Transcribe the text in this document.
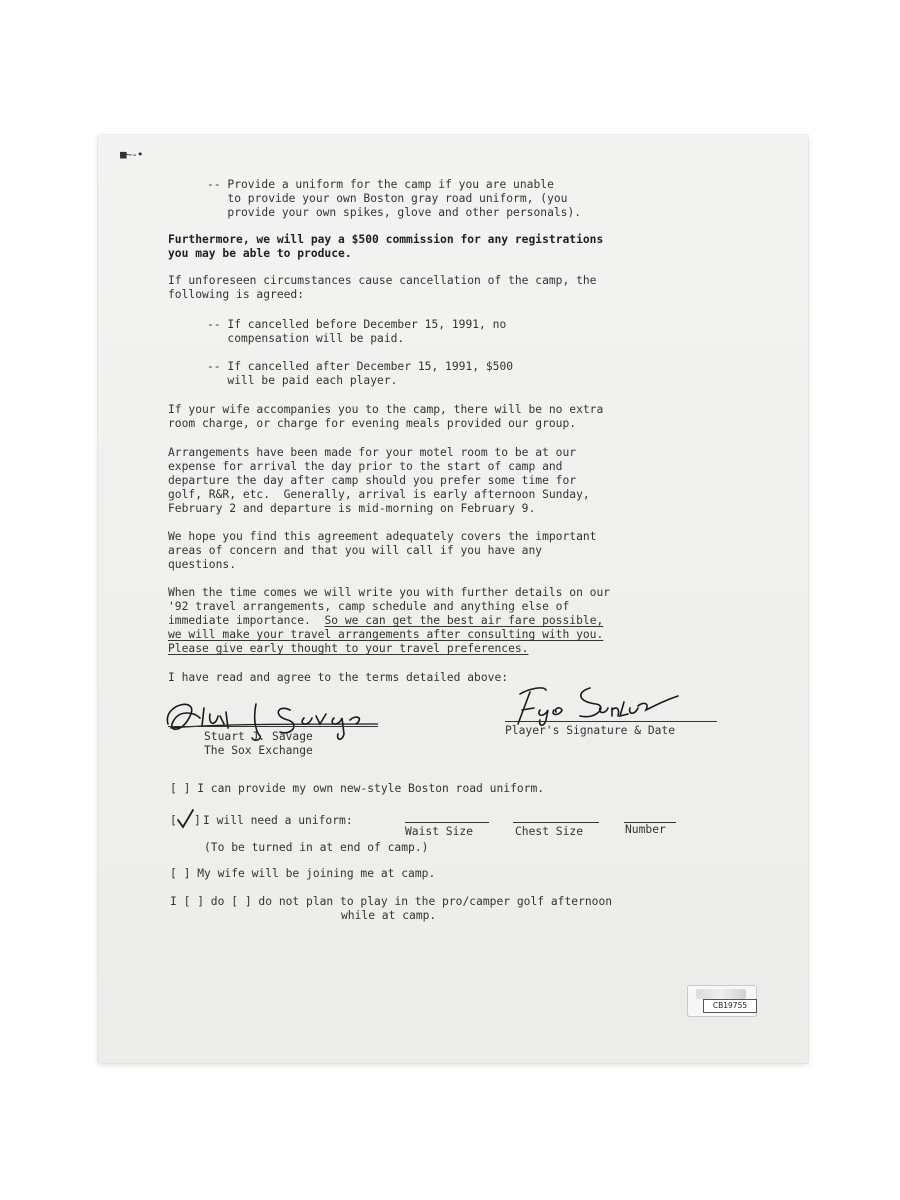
■~-•
-- Provide a uniform for the camp if you are unable
to provide your own Boston gray road uniform, (you
provide your own spikes, glove and other personals).
Furthermore, we will pay a $500 commission for any registrations
you may be able to produce.
If unforeseen circumstances cause cancellation of the camp, the
following is agreed:
-- If cancelled before December 15, 1991, no
compensation will be paid.
-- If cancelled after December 15, 1991, $500
will be paid each player.
If your wife accompanies you to the camp, there will be no extra
room charge, or charge for evening meals provided our group.
Arrangements have been made for your motel room to be at our
expense for arrival the day prior to the start of camp and
departure the day after camp should you prefer some time for
golf, R&R, etc.  Generally, arrival is early afternoon Sunday,
February 2 and departure is mid-morning on February 9.
We hope you find this agreement adequately covers the important
areas of concern and that you will call if you have any
questions.
When the time comes we will write you with further details on our
'92 travel arrangements, camp schedule and anything else of
immediate importance.  So we can get the best air fare possible,
we will make your travel arrangements after consulting with you.
Please give early thought to your travel preferences.
I have read and agree to the terms detailed above:
Stuart J. Savage
The Sox Exchange
Player's Signature & Date
[ ] I can provide my own new-style Boston road uniform.
[ ] I will need a uniform:
Waist Size	Chest Size	Number
(To be turned in at end of camp.)
[ ] My wife will be joining me at camp.
I [ ] do [ ] do not plan to play in the pro/camper golf afternoon
while at camp.
CB19755
